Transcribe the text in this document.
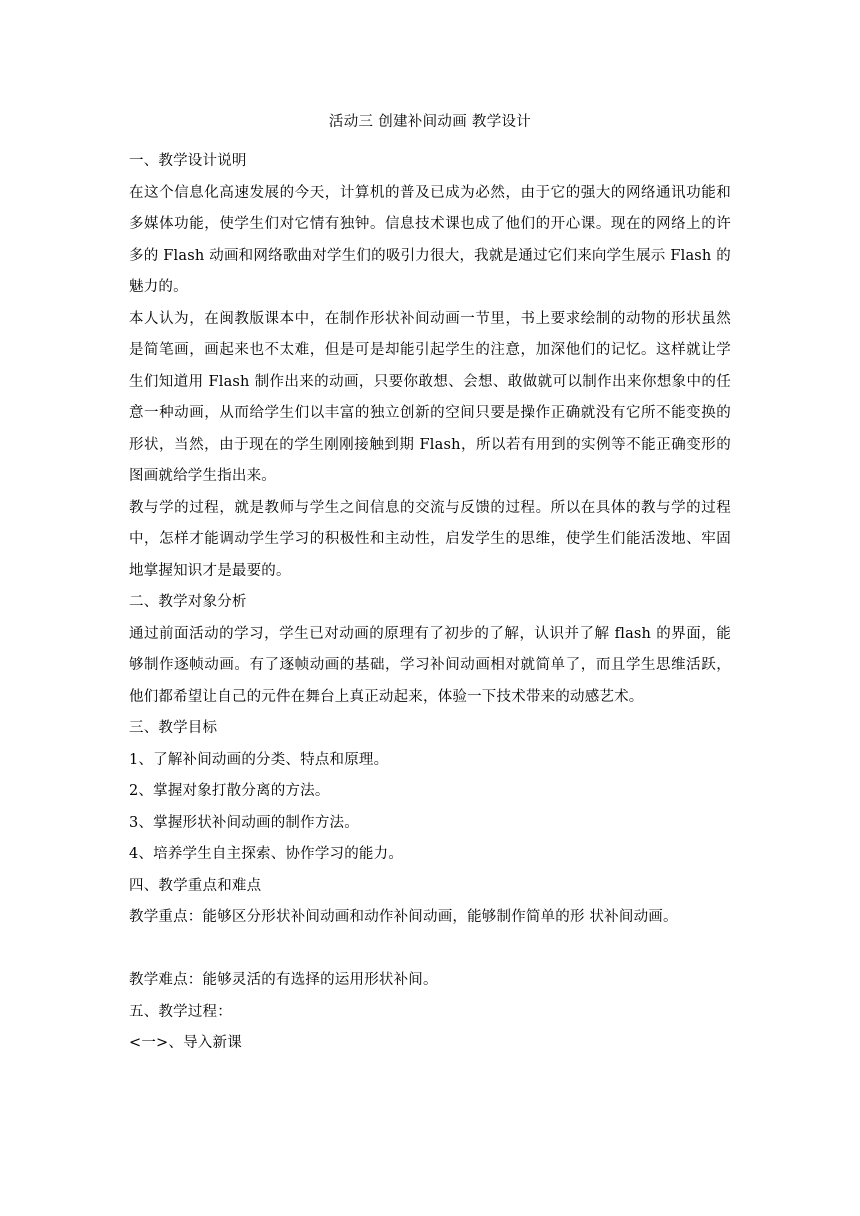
活动三 创建补间动画 教学设计

一、教学设计说明

在这个信息化高速发展的今天，计算机的普及已成为必然，由于它的强大的网络通讯功能和多媒体功能，使学生们对它情有独钟。信息技术课也成了他们的开心课。现在的网络上的许多的 Flash 动画和网络歌曲对学生们的吸引力很大，我就是通过它们来向学生展示 Flash 的魅力的。

本人认为，在闽教版课本中，在制作形状补间动画一节里，书上要求绘制的动物的形状虽然是简笔画，画起来也不太难，但是可是却能引起学生的注意，加深他们的记忆。这样就让学生们知道用 Flash 制作出来的动画，只要你敢想、会想、敢做就可以制作出来你想象中的任意一种动画，从而给学生们以丰富的独立创新的空间只要是操作正确就没有它所不能变换的形状，当然，由于现在的学生刚刚接触到期 Flash，所以若有用到的实例等不能正确变形的图画就给学生指出来。

教与学的过程，就是教师与学生之间信息的交流与反馈的过程。所以在具体的教与学的过程中，怎样才能调动学生学习的积极性和主动性，启发学生的思维，使学生们能活泼地、牢固地掌握知识才是最要的。

二、教学对象分析

通过前面活动的学习，学生已对动画的原理有了初步的了解，认识并了解 flash 的界面，能够制作逐帧动画。有了逐帧动画的基础，学习补间动画相对就简单了，而且学生思维活跃，他们都希望让自己的元件在舞台上真正动起来，体验一下技术带来的动感艺术。

三、教学目标

1、了解补间动画的分类、特点和原理。

2、掌握对象打散分离的方法。

3、掌握形状补间动画的制作方法。

4、培养学生自主探索、协作学习的能力。

四、教学重点和难点

教学重点：能够区分形状补间动画和动作补间动画，能够制作简单的形 状补间动画。

教学难点：能够灵活的有选择的运用形状补间。

五、教学过程：

<一>、导入新课
